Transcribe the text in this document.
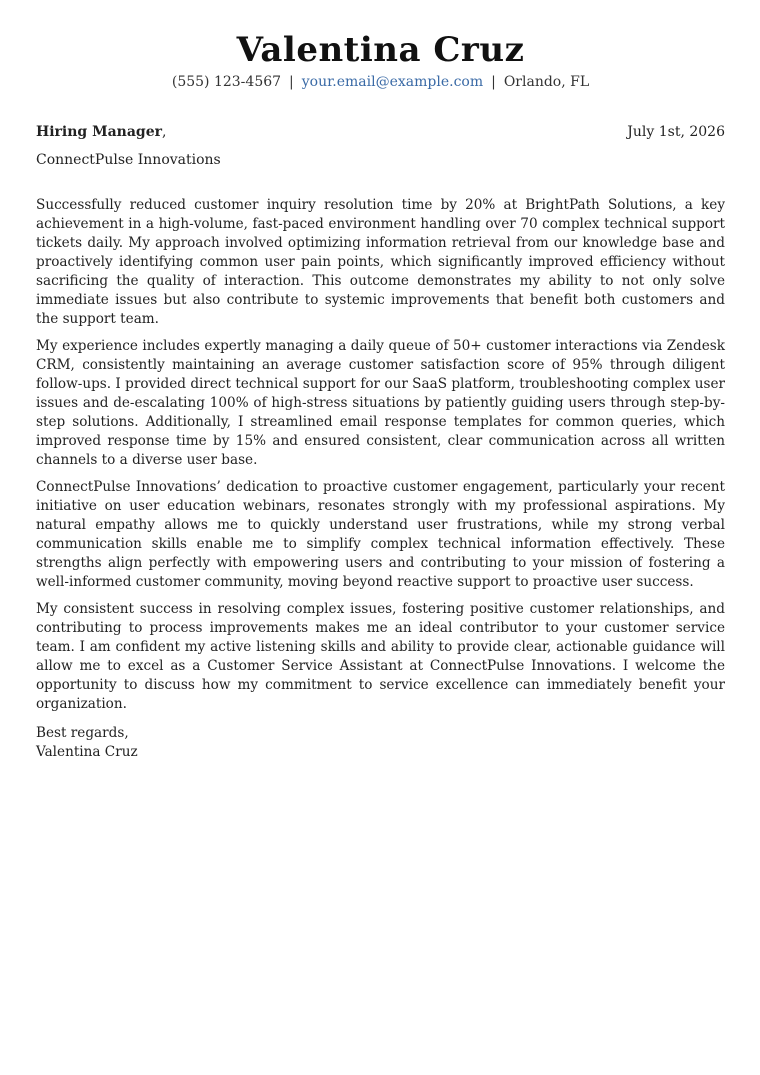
Valentina Cruz
(555) 123-4567 | your.email@example.com | Orlando, FL
Hiring Manager,	July 1st, 2026
ConnectPulse Innovations

Successfully reduced customer inquiry resolution time by 20% at BrightPath Solutions, a key achievement in a high-volume, fast-paced environment handling over 70 complex technical support tickets daily. My approach involved optimizing information retrieval from our knowledge base and proactively identifying common user pain points, which significantly improved efficiency without sacrificing the quality of interaction. This outcome demonstrates my ability to not only solve immediate issues but also contribute to systemic improvements that benefit both customers and the support team.

My experience includes expertly managing a daily queue of 50+ customer interactions via Zendesk CRM, consistently maintaining an average customer satisfaction score of 95% through diligent follow-ups. I provided direct technical support for our SaaS platform, troubleshooting complex user issues and de-escalating 100% of high-stress situations by patiently guiding users through step-by-step solutions. Additionally, I streamlined email response templates for common queries, which improved response time by 15% and ensured consistent, clear communication across all written channels to a diverse user base.

ConnectPulse Innovations’ dedication to proactive customer engagement, particularly your recent initiative on user education webinars, resonates strongly with my professional aspirations. My natural empathy allows me to quickly understand user frustrations, while my strong verbal communication skills enable me to simplify complex technical information effectively. These strengths align perfectly with empowering users and contributing to your mission of fostering a well-informed customer community, moving beyond reactive support to proactive user success.

My consistent success in resolving complex issues, fostering positive customer relationships, and contributing to process improvements makes me an ideal contributor to your customer service team. I am confident my active listening skills and ability to provide clear, actionable guidance will allow me to excel as a Customer Service Assistant at ConnectPulse Innovations. I welcome the opportunity to discuss how my commitment to service excellence can immediately benefit your organization.

Best regards,
Valentina Cruz
